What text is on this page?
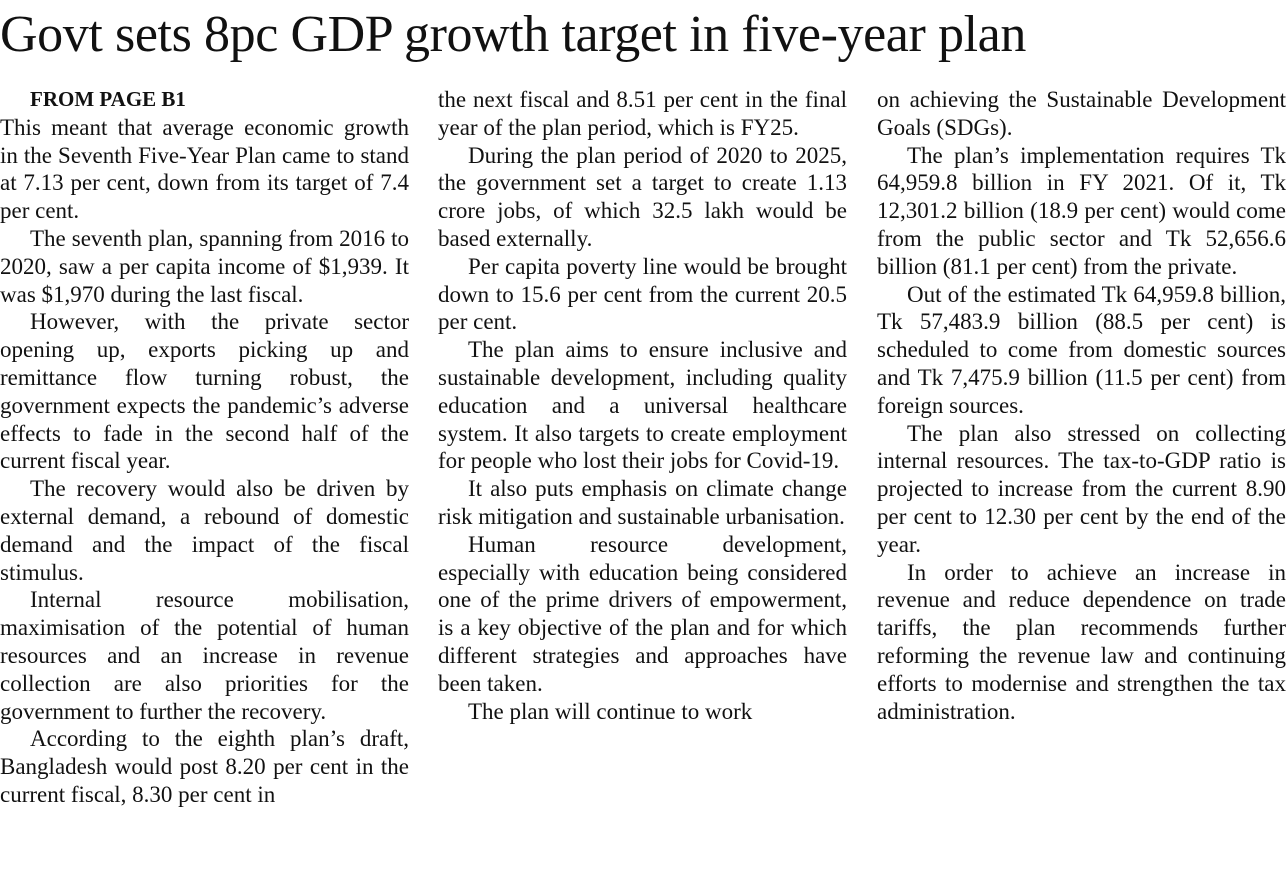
Govt sets 8pc GDP growth target in five-year plan

FROM PAGE B1

This meant that average economic growth in the Seventh Five-Year Plan came to stand at 7.13 per cent, down from its target of 7.4 per cent.

The seventh plan, spanning from 2016 to 2020, saw a per capita income of $1,939. It was $1,970 during the last fiscal.

However, with the private sector opening up, exports picking up and remittance flow turning robust, the government expects the pandemic’s adverse effects to fade in the second half of the current fiscal year.

The recovery would also be driven by external demand, a rebound of domestic demand and the impact of the fiscal stimulus.

Internal resource mobilisation, maximisation of the potential of human resources and an increase in revenue collection are also priorities for the government to further the recovery.

According to the eighth plan’s draft, Bangladesh would post 8.20 per cent in the current fiscal, 8.30 per cent in

the next fiscal and 8.51 per cent in the final year of the plan period, which is FY25.

During the plan period of 2020 to 2025, the government set a target to create 1.13 crore jobs, of which 32.5 lakh would be based externally.

Per capita poverty line would be brought down to 15.6 per cent from the current 20.5 per cent.

The plan aims to ensure inclusive and sustainable development, including quality education and a universal healthcare system. It also targets to create employment for people who lost their jobs for Covid-19.

It also puts emphasis on climate change risk mitigation and sustainable urbanisation.

Human resource development, especially with education being considered one of the prime drivers of empowerment, is a key objective of the plan and for which different strategies and approaches have been taken.

The plan will continue to work

on achieving the Sustainable Development Goals (SDGs).

The plan’s implementation requires Tk 64,959.8 billion in FY 2021. Of it, Tk 12,301.2 billion (18.9 per cent) would come from the public sector and Tk 52,656.6 billion (81.1 per cent) from the private.

Out of the estimated Tk 64,959.8 billion, Tk 57,483.9 billion (88.5 per cent) is scheduled to come from domestic sources and Tk 7,475.9 billion (11.5 per cent) from foreign sources.

The plan also stressed on collecting internal resources. The tax-to-GDP ratio is projected to increase from the current 8.90 per cent to 12.30 per cent by the end of the year.

In order to achieve an increase in revenue and reduce dependence on trade tariffs, the plan recommends further reforming the revenue law and continuing efforts to modernise and strengthen the tax administration.
